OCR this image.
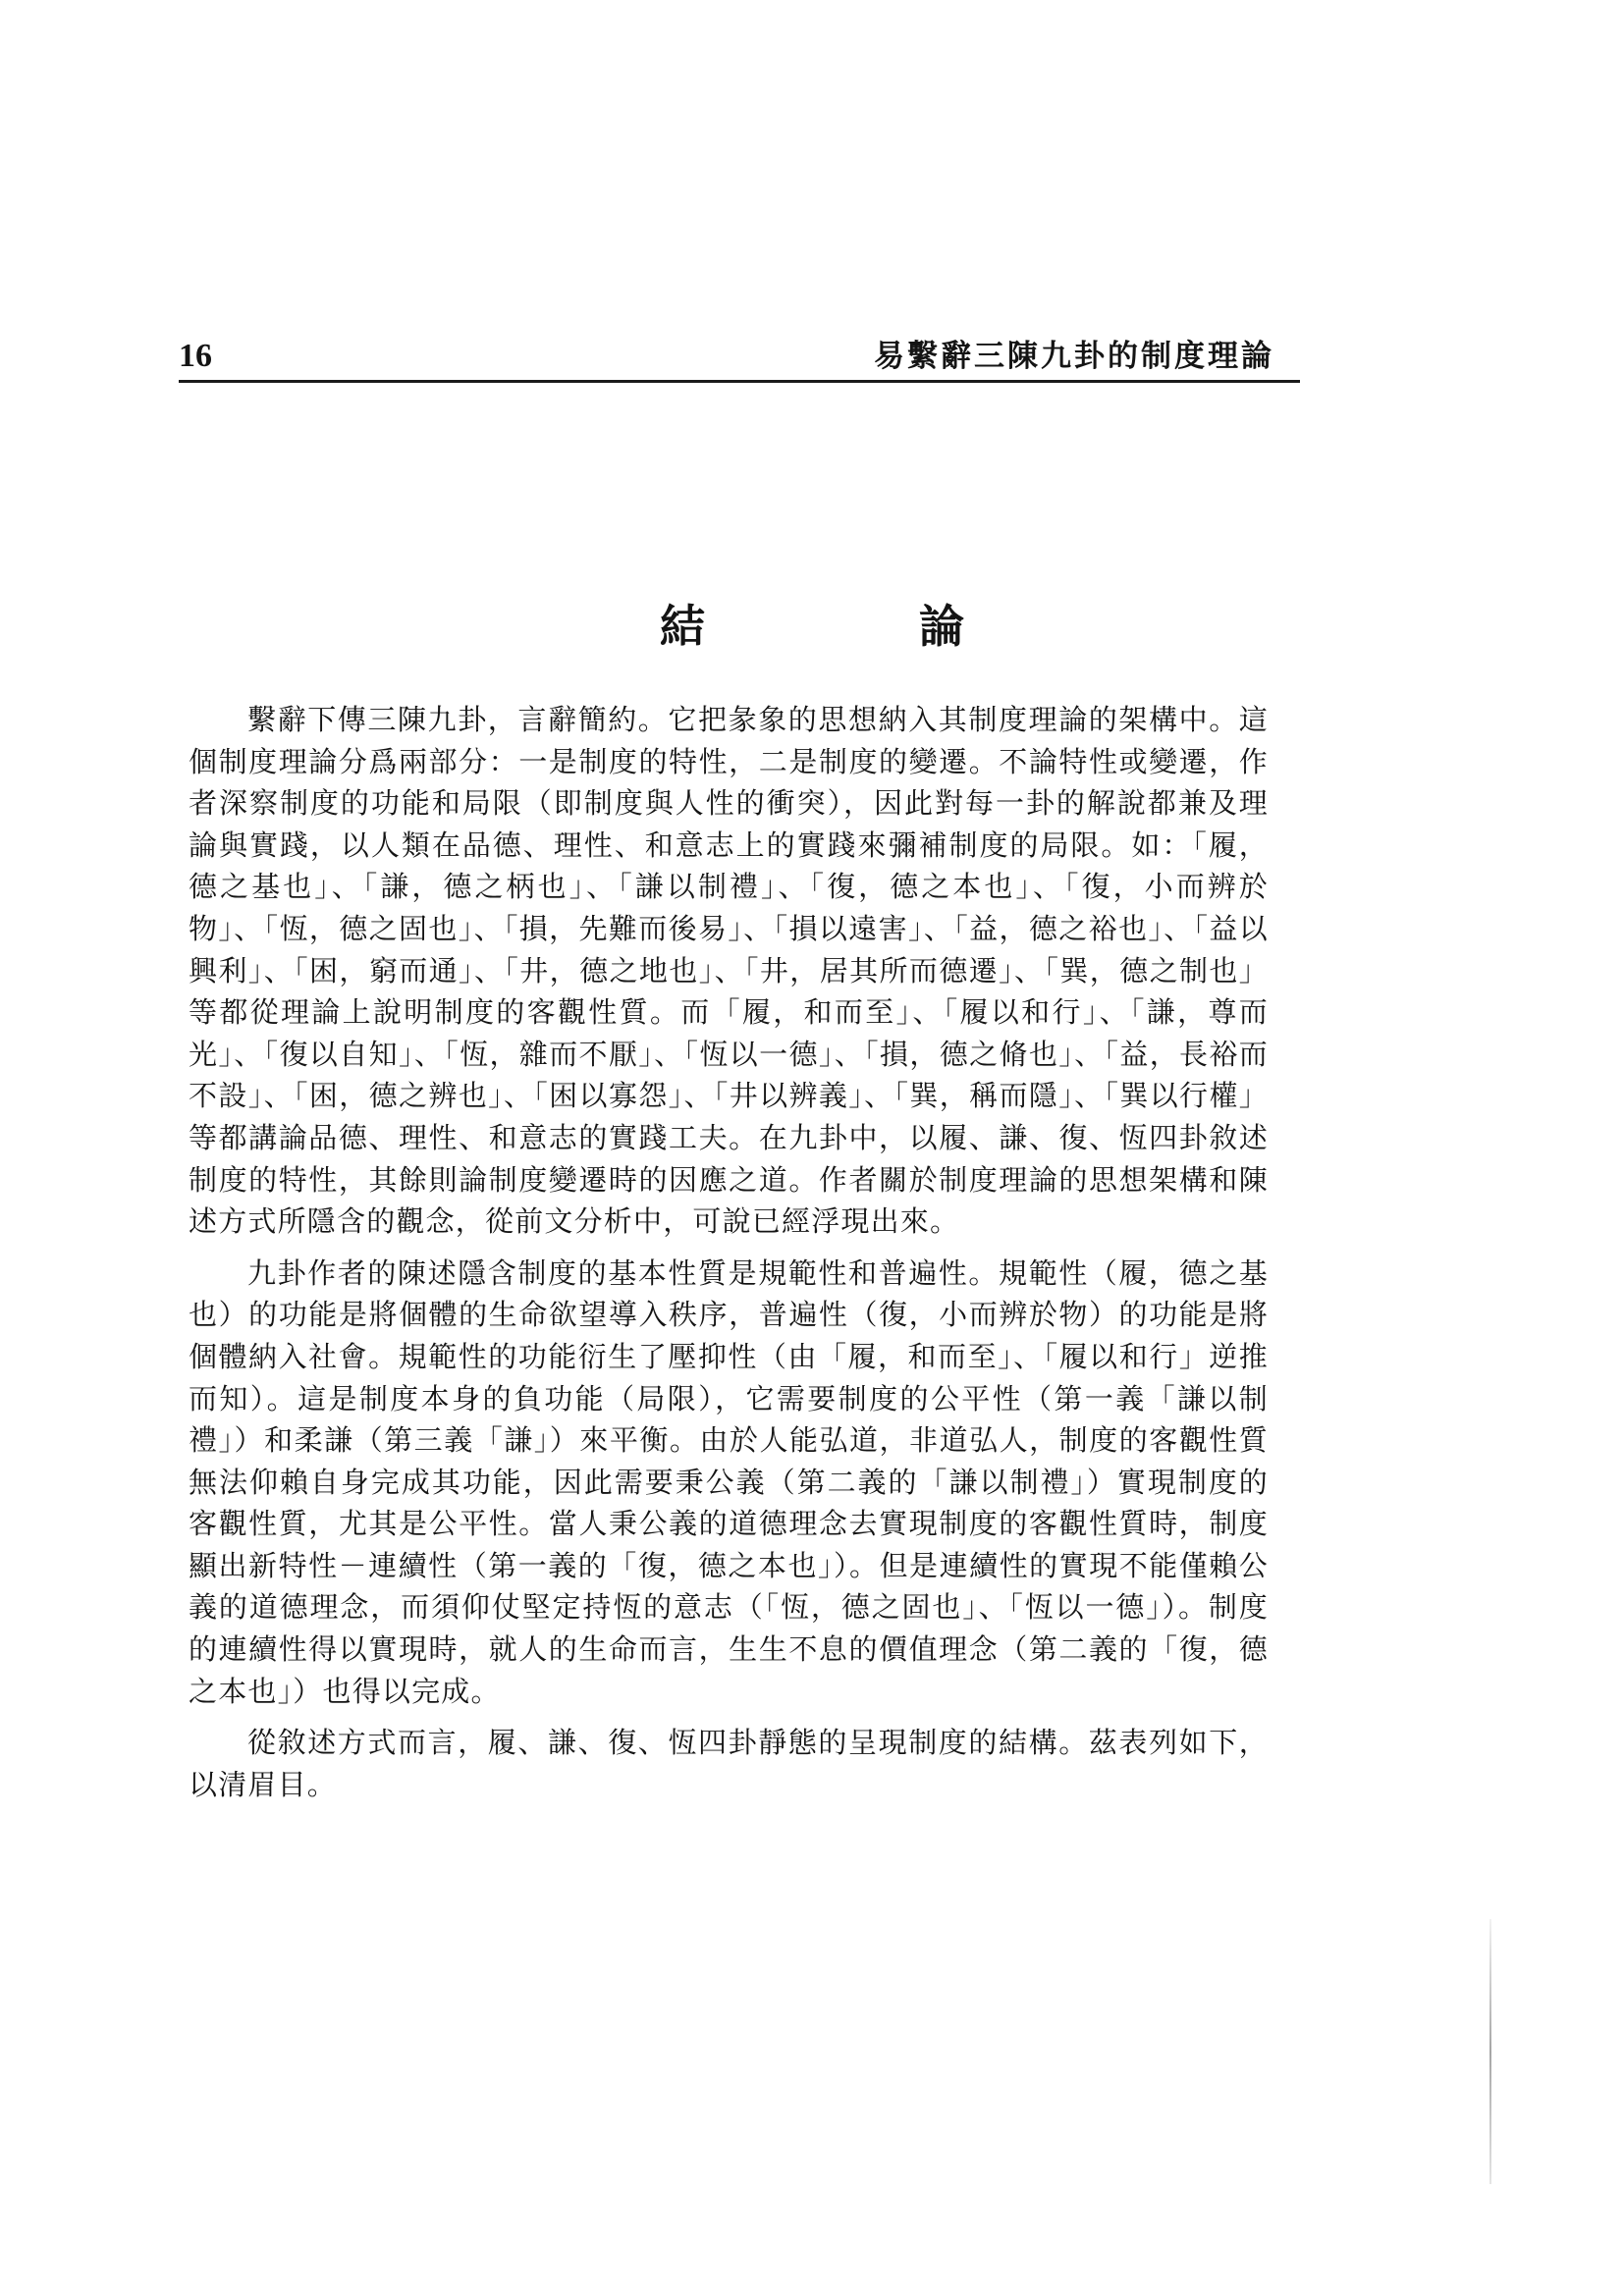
16	易繫辭三陳九卦的制度理論
結　論

繫辭下傳三陳九卦，言辭簡約。它把彖象的思想納入其制度理論的架構中。這個制度理論分爲兩部分：一是制度的特性，二是制度的變遷。不論特性或變遷，作者深察制度的功能和局限（即制度與人性的衝突），因此對每一卦的解說都兼及理論與實踐，以人類在品德、理性、和意志上的實踐來彌補制度的局限。如：「履，德之基也」、「謙，德之柄也」、「謙以制禮」、「復，德之本也」、「復，小而辨於物」、「恆，德之固也」、「損，先難而後易」、「損以遠害」、「益，德之裕也」、「益以興利」、「困，窮而通」、「井，德之地也」、「井，居其所而德遷」、「巽，德之制也」等都從理論上說明制度的客觀性質。而「履，和而至」、「履以和行」、「謙，尊而光」、「復以自知」、「恆，雜而不厭」、「恆以一德」、「損，德之脩也」、「益，長裕而不設」、「困，德之辨也」、「困以寡怨」、「井以辨義」、「巽，稱而隱」、「巽以行權」等都講論品德、理性、和意志的實踐工夫。在九卦中，以履、謙、復、恆四卦敘述制度的特性，其餘則論制度變遷時的因應之道。作者關於制度理論的思想架構和陳述方式所隱含的觀念，從前文分析中，可說已經浮現出來。

九卦作者的陳述隱含制度的基本性質是規範性和普遍性。規範性（履，德之基也）的功能是將個體的生命欲望導入秩序，普遍性（復，小而辨於物）的功能是將個體納入社會。規範性的功能衍生了壓抑性（由「履，和而至」、「履以和行」逆推而知）。這是制度本身的負功能（局限），它需要制度的公平性（第一義「謙以制禮」）和柔謙（第三義「謙」）來平衡。由於人能弘道，非道弘人，制度的客觀性質無法仰賴自身完成其功能，因此需要秉公義（第二義的「謙以制禮」）實現制度的客觀性質，尤其是公平性。當人秉公義的道德理念去實現制度的客觀性質時，制度顯出新特性－連續性（第一義的「復，德之本也」）。但是連續性的實現不能僅賴公義的道德理念，而須仰仗堅定持恆的意志（「恆，德之固也」、「恆以一德」）。制度的連續性得以實現時，就人的生命而言，生生不息的價值理念（第二義的「復，德之本也」）也得以完成。

從敘述方式而言，履、謙、復、恆四卦靜態的呈現制度的結構。茲表列如下，以清眉目。
